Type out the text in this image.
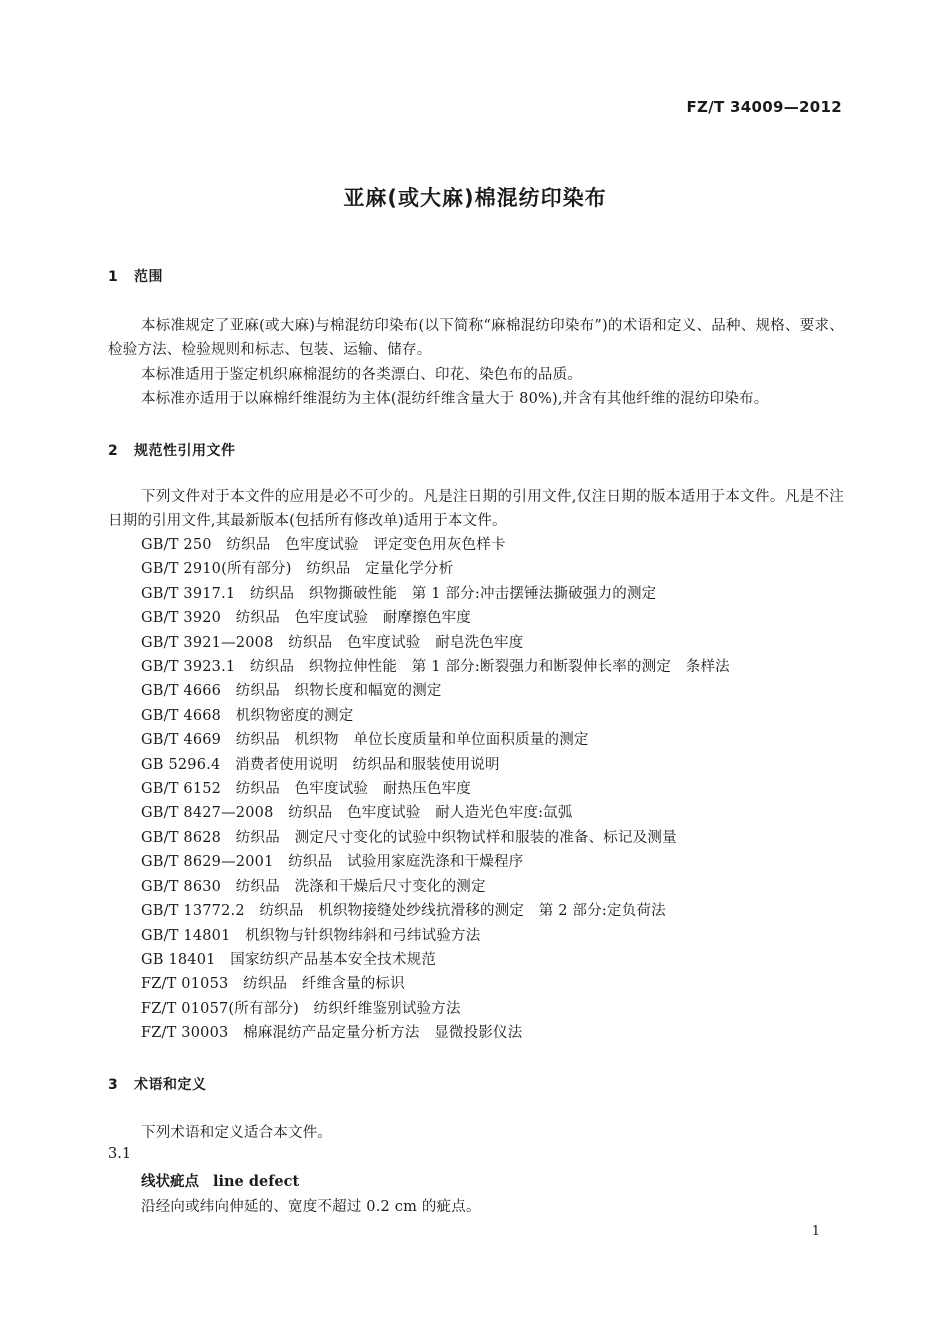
FZ/T 34009—2012
亚麻(或大麻)棉混纺印染布
1 范围
本标准规定了亚麻(或大麻)与棉混纺印染布(以下简称“麻棉混纺印染布”)的术语和定义、品种、规格、要求、检验方法、检验规则和标志、包装、运输、储存。
本标准适用于鉴定机织麻棉混纺的各类漂白、印花、染色布的品质。
本标准亦适用于以麻棉纤维混纺为主体(混纺纤维含量大于 80%),并含有其他纤维的混纺印染布。
2 规范性引用文件
下列文件对于本文件的应用是必不可少的。凡是注日期的引用文件,仅注日期的版本适用于本文件。凡是不注日期的引用文件,其最新版本(包括所有修改单)适用于本文件。
GB/T 250　纺织品　色牢度试验　评定变色用灰色样卡
GB/T 2910(所有部分)　纺织品　定量化学分析
GB/T 3917.1　纺织品　织物撕破性能　第 1 部分:冲击摆锤法撕破强力的测定
GB/T 3920　纺织品　色牢度试验　耐摩擦色牢度
GB/T 3921—2008　纺织品　色牢度试验　耐皂洗色牢度
GB/T 3923.1　纺织品　织物拉伸性能　第 1 部分:断裂强力和断裂伸长率的测定　条样法
GB/T 4666　纺织品　织物长度和幅宽的测定
GB/T 4668　机织物密度的测定
GB/T 4669　纺织品　机织物　单位长度质量和单位面积质量的测定
GB 5296.4　消费者使用说明　纺织品和服装使用说明
GB/T 6152　纺织品　色牢度试验　耐热压色牢度
GB/T 8427—2008　纺织品　色牢度试验　耐人造光色牢度:氙弧
GB/T 8628　纺织品　测定尺寸变化的试验中织物试样和服装的准备、标记及测量
GB/T 8629—2001　纺织品　试验用家庭洗涤和干燥程序
GB/T 8630　纺织品　洗涤和干燥后尺寸变化的测定
GB/T 13772.2　纺织品　机织物接缝处纱线抗滑移的测定　第 2 部分:定负荷法
GB/T 14801　机织物与针织物纬斜和弓纬试验方法
GB 18401　国家纺织产品基本安全技术规范
FZ/T 01053　纺织品　纤维含量的标识
FZ/T 01057(所有部分)　纺织纤维鉴别试验方法
FZ/T 30003　棉麻混纺产品定量分析方法　显微投影仪法
3 术语和定义
下列术语和定义适合本文件。
3.1
线状疵点 line defect
沿经向或纬向伸延的、宽度不超过 0.2 cm 的疵点。
1
